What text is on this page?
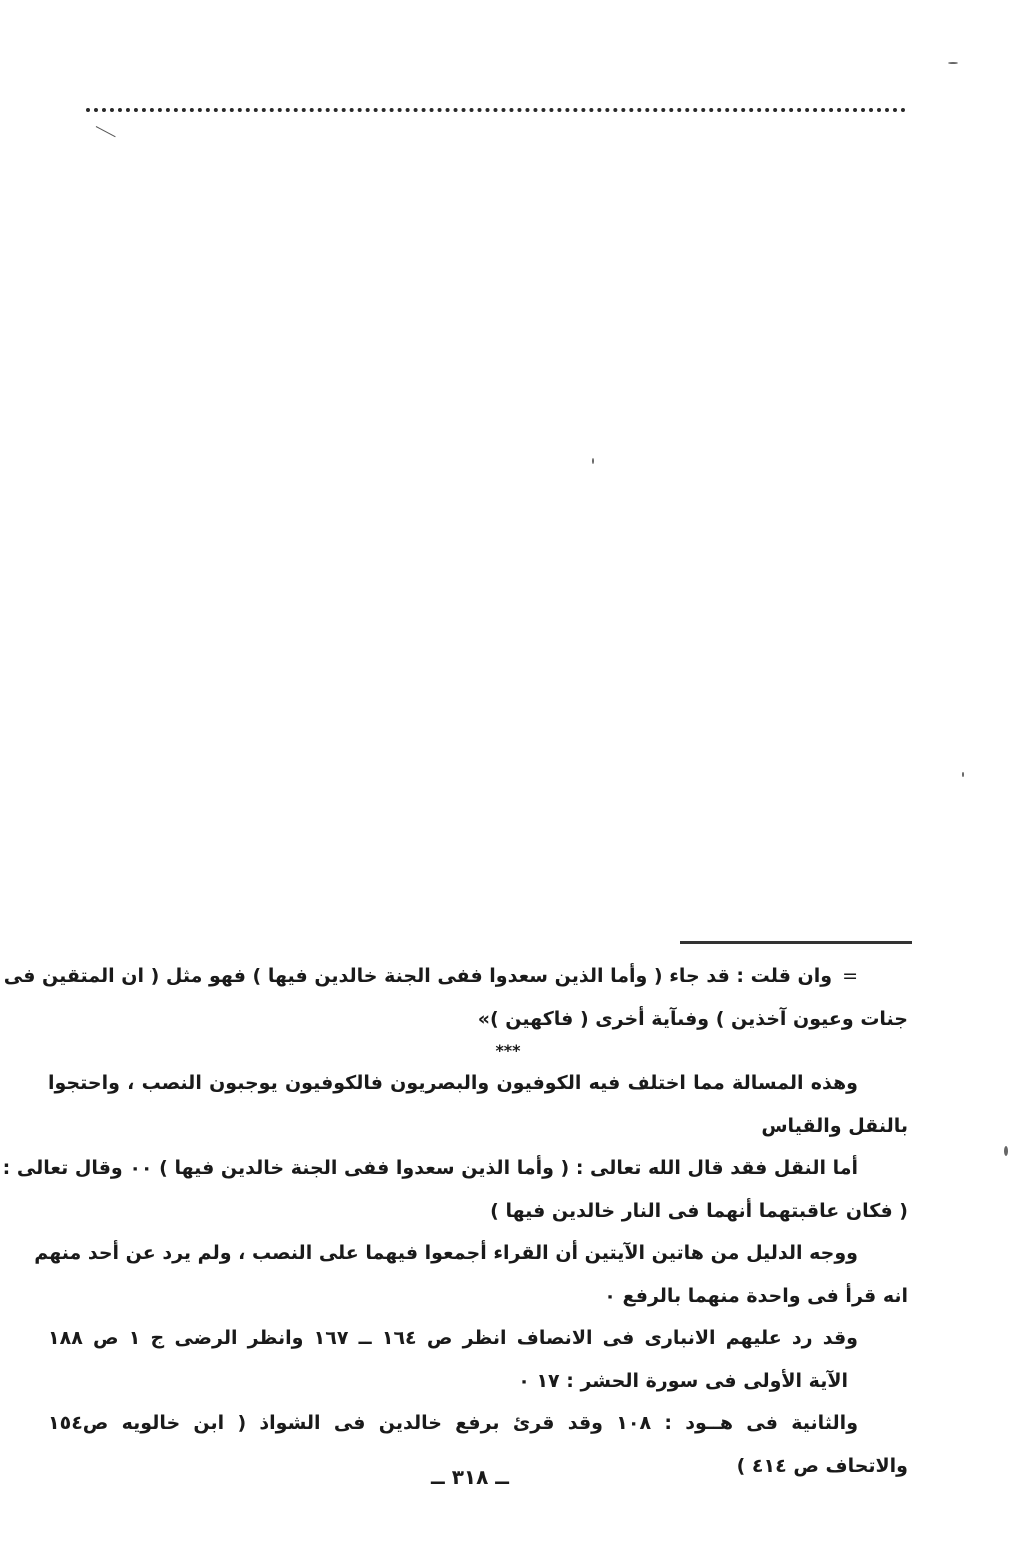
=وان قلت : قد جاء ( وأما الذين سعدوا ففى الجنة خالدين فيها ) فهو مثل ( ان المتقين فى
جنات وعيون آخذين ) وفىآية أخرى ( فاكهين )»
***
وهذه المسالة مما اختلف فيه الكوفيون والبصريون فالكوفيون يوجبون النصب ، واحتجوا
بالنقل والقياس
أما النقل فقد قال الله تعالى : ( وأما الذين سعدوا ففى الجنة خالدين فيها ) ٠٠ وقال تعالى :
( فكان عاقبتهما أنهما فى النار خالدين فيها )
ووجه الدليل من هاتين الآيتين أن القراء أجمعوا فيهما على النصب ، ولم يرد عن أحد منهم
انه قرأ فى واحدة منهما بالرفع ٠
وقد رد عليهم الانبارى فى الانصاف انظر ص ١٦٤ ــ ١٦٧ وانظر الرضى ج ١ ص ١٨٨
الآية الأولى فى سورة الحشر : ١٧ ٠
والثانية فى هــود : ١٠٨ وقد قرئ برفع خالدين فى الشواذ ( ابن خالويه ص١٥٤
والاتحاف ص ٤١٤ )
ــ ٣١٨ ــ
